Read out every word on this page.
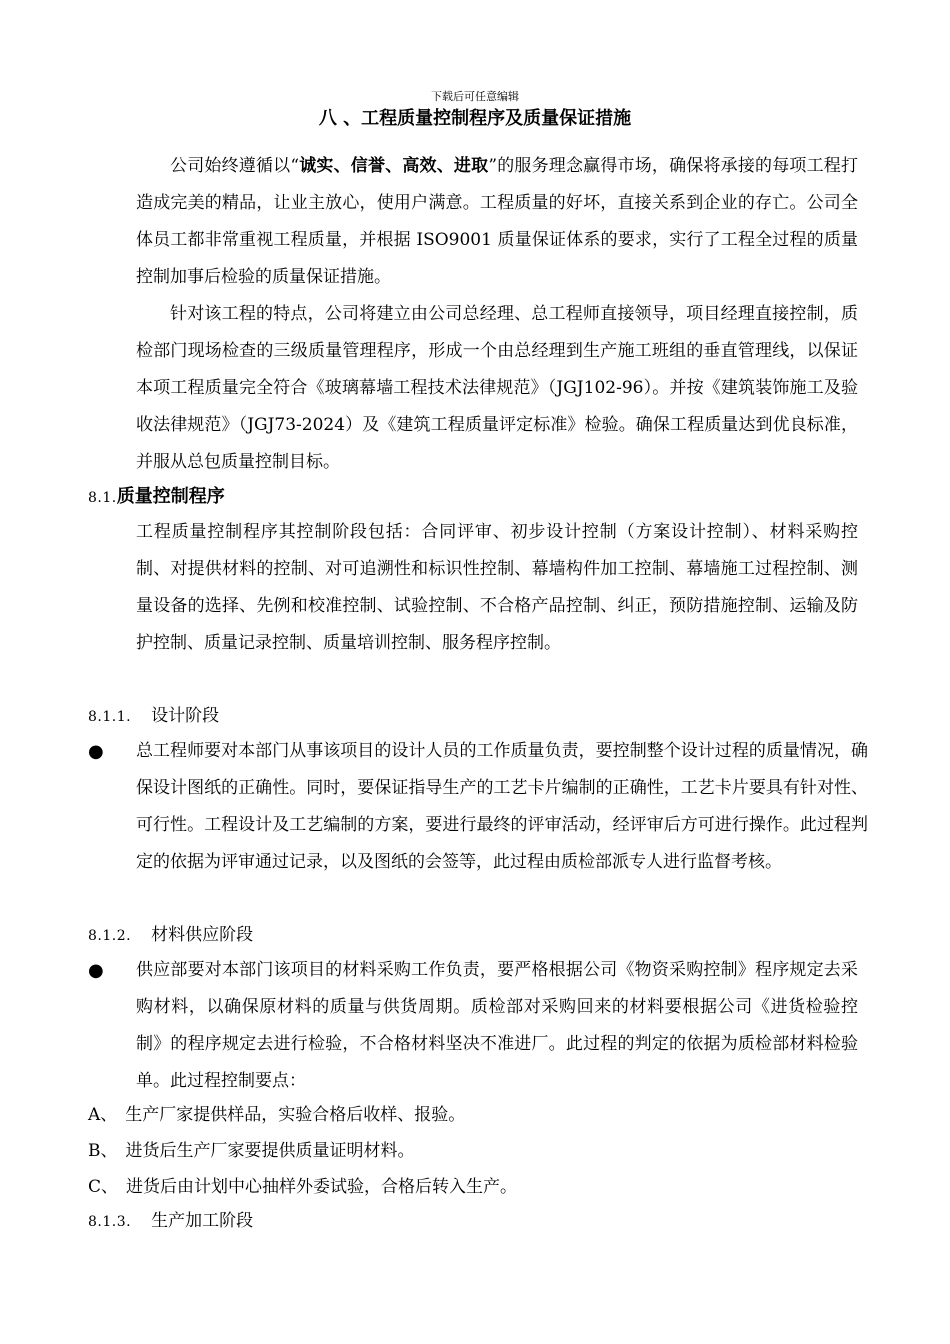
下载后可任意编辑
八 、工程质量控制程序及质量保证措施

公司始终遵循以“诚实、信誉、高效、进取”的服务理念赢得市场，确保将承接的每项工程打造成完美的精品，让业主放心，使用户满意。工程质量的好坏，直接关系到企业的存亡。公司全体员工都非常重视工程质量，并根据 ISO9001 质量保证体系的要求，实行了工程全过程的质量控制加事后检验的质量保证措施。

针对该工程的特点，公司将建立由公司总经理、总工程师直接领导，项目经理直接控制，质检部门现场检查的三级质量管理程序，形成一个由总经理到生产施工班组的垂直管理线，以保证本项工程质量完全符合《玻璃幕墙工程技术法律规范》（JGJ102-96）。并按《建筑装饰施工及验收法律规范》（JGJ73-2024）及《建筑工程质量评定标准》检验。确保工程质量达到优良标准，并服从总包质量控制目标。

8.1.质量控制程序

工程质量控制程序其控制阶段包括：合同评审、初步设计控制（方案设计控制）、材料采购控制、对提供材料的控制、对可追溯性和标识性控制、幕墙构件加工控制、幕墙施工过程控制、测量设备的选择、先例和校准控制、试验控制、不合格产品控制、纠正，预防措施控制、运输及防护控制、质量记录控制、质量培训控制、服务程序控制。

8.1.1. 设计阶段
● 总工程师要对本部门从事该项目的设计人员的工作质量负责，要控制整个设计过程的质量情况，确保设计图纸的正确性。同时，要保证指导生产的工艺卡片编制的正确性，工艺卡片要具有针对性、可行性。工程设计及工艺编制的方案，要进行最终的评审活动，经评审后方可进行操作。此过程判定的依据为评审通过记录，以及图纸的会签等，此过程由质检部派专人进行监督考核。

8.1.2. 材料供应阶段
● 供应部要对本部门该项目的材料采购工作负责，要严格根据公司《物资采购控制》程序规定去采购材料，以确保原材料的质量与供货周期。质检部对采购回来的材料要根据公司《进货检验控制》的程序规定去进行检验，不合格材料坚决不准进厂。此过程的判定的依据为质检部材料检验单。此过程控制要点：

A、 生产厂家提供样品，实验合格后收样、报验。
B、 进货后生产厂家要提供质量证明材料。
C、 进货后由计划中心抽样外委试验，合格后转入生产。
8.1.3. 生产加工阶段
